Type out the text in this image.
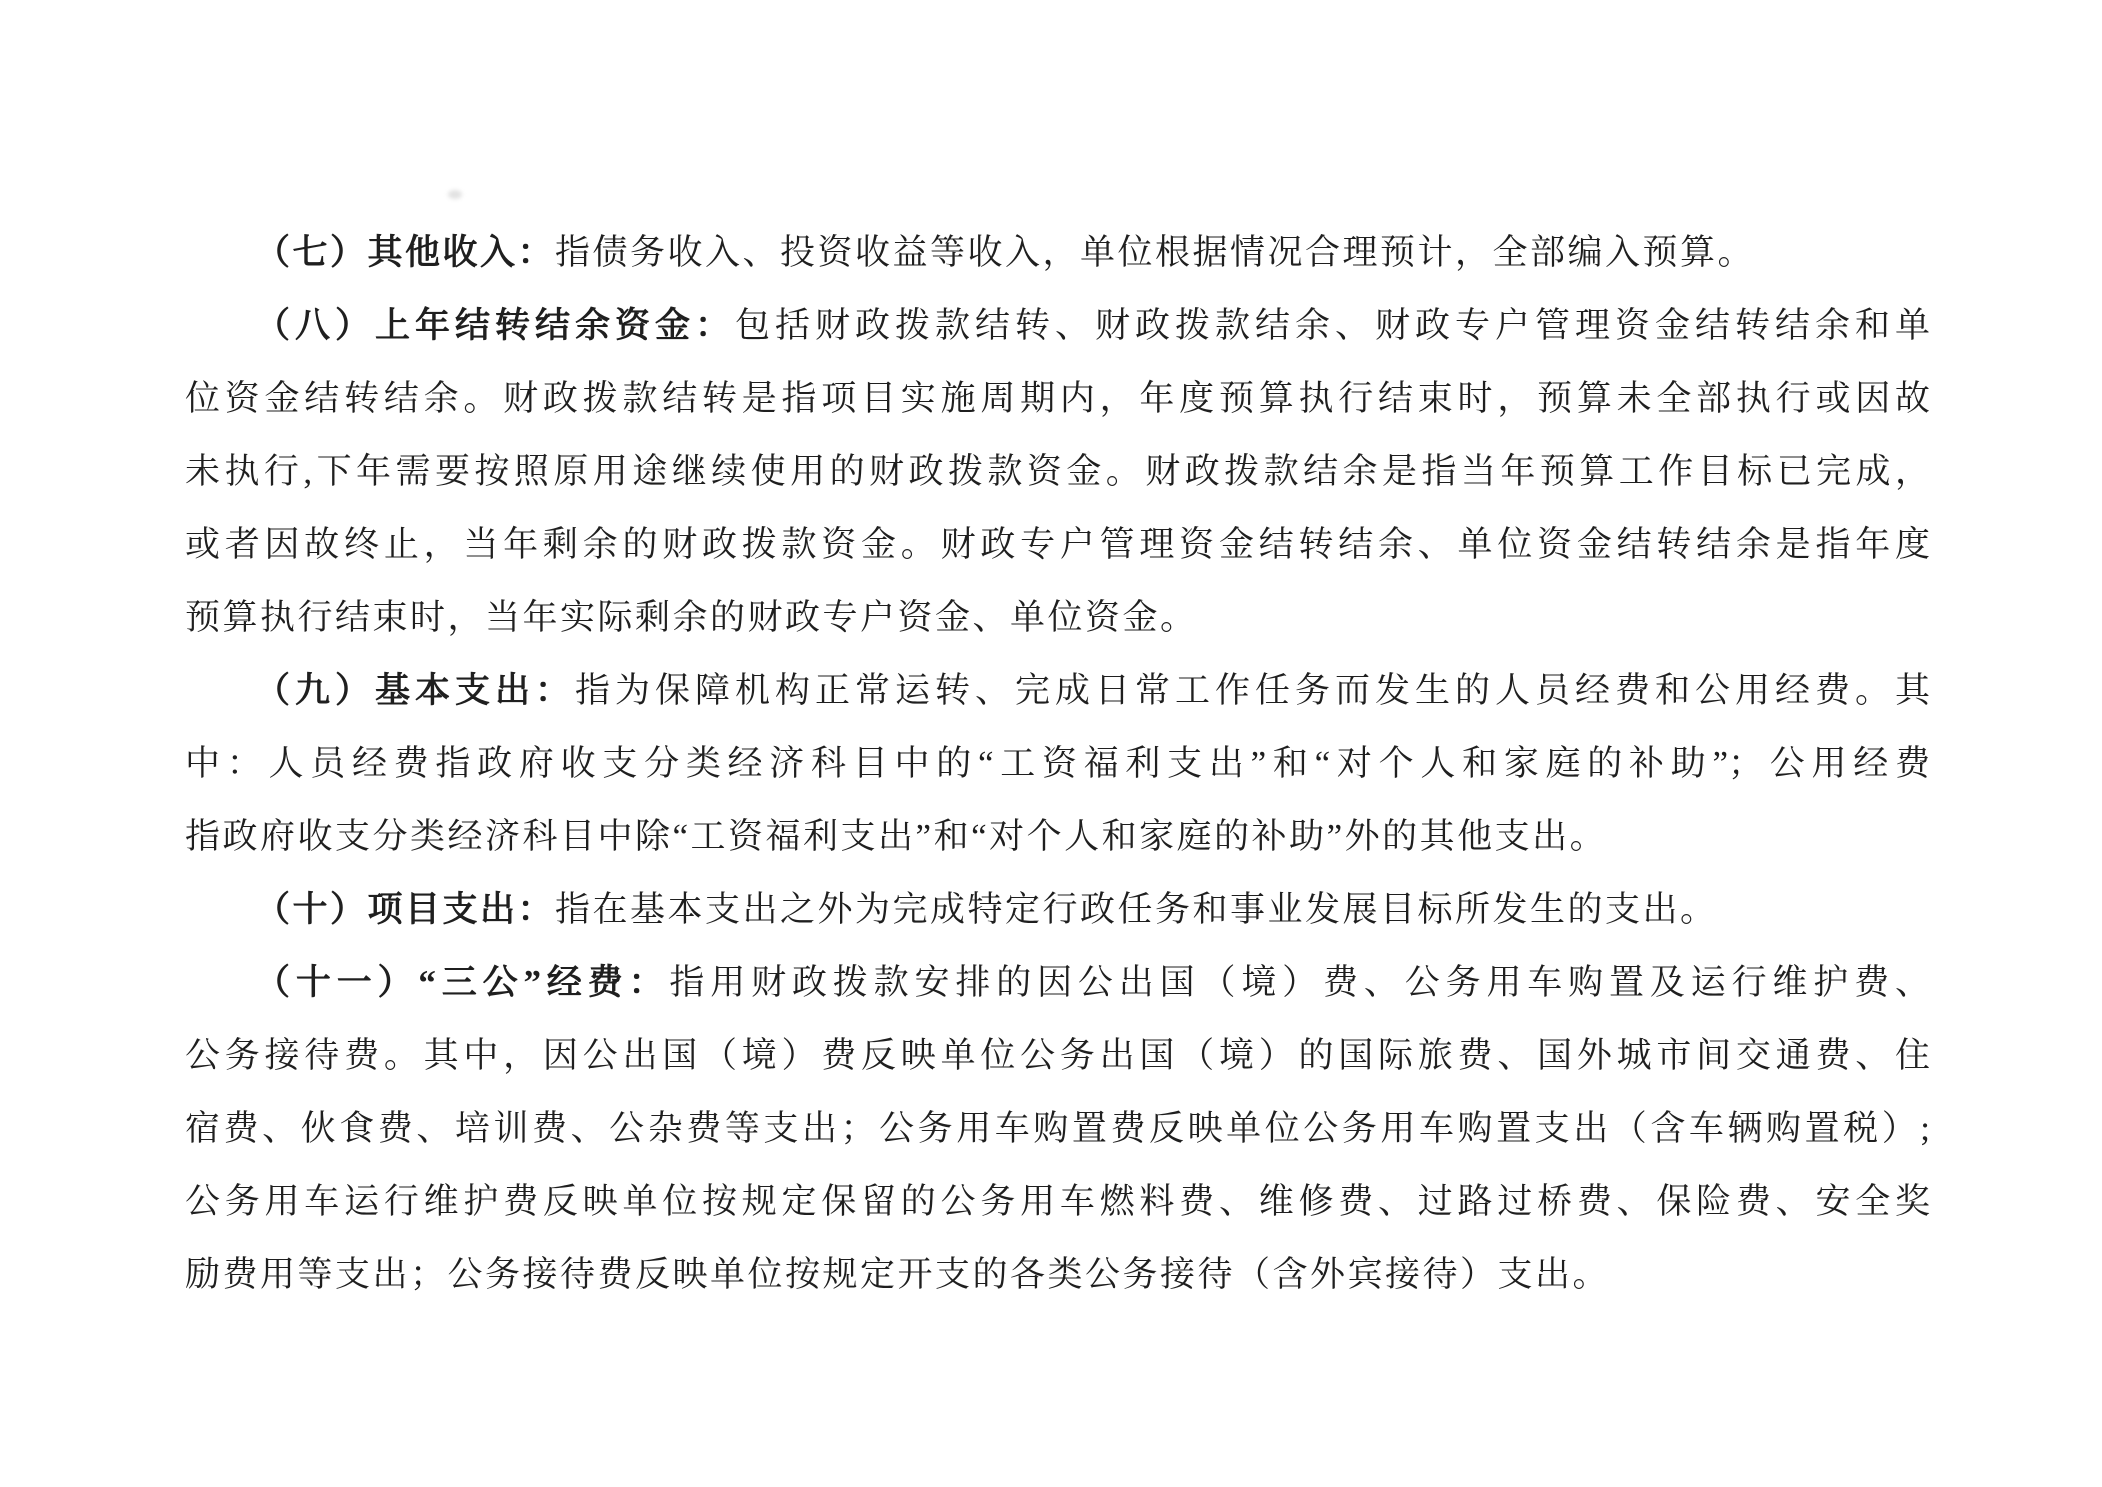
（七）其他收入：指债务收入、投资收益等收入，单位根据情况合理预计，全部编入预算。
（八）上年结转结余资金：包括财政拨款结转、财政拨款结余、财政专户管理资金结转结余和单
位资金结转结余。财政拨款结转是指项目实施周期内，年度预算执行结束时，预算未全部执行或因故
未执行,下年需要按照原用途继续使用的财政拨款资金。财政拨款结余是指当年预算工作目标已完成，
或者因故终止，当年剩余的财政拨款资金。财政专户管理资金结转结余、单位资金结转结余是指年度
预算执行结束时，当年实际剩余的财政专户资金、单位资金。
（九）基本支出：指为保障机构正常运转、完成日常工作任务而发生的人员经费和公用经费。其
中：人员经费指政府收支分类经济科目中的“工资福利支出”和“对个人和家庭的补助”；公用经费
指政府收支分类经济科目中除“工资福利支出”和“对个人和家庭的补助”外的其他支出。
（十）项目支出：指在基本支出之外为完成特定行政任务和事业发展目标所发生的支出。
（十一）“三公”经费：指用财政拨款安排的因公出国（境）费、公务用车购置及运行维护费、
公务接待费。其中，因公出国（境）费反映单位公务出国（境）的国际旅费、国外城市间交通费、住
宿费、伙食费、培训费、公杂费等支出；公务用车购置费反映单位公务用车购置支出（含车辆购置税）;
公务用车运行维护费反映单位按规定保留的公务用车燃料费、维修费、过路过桥费、保险费、安全奖
励费用等支出；公务接待费反映单位按规定开支的各类公务接待（含外宾接待）支出。
